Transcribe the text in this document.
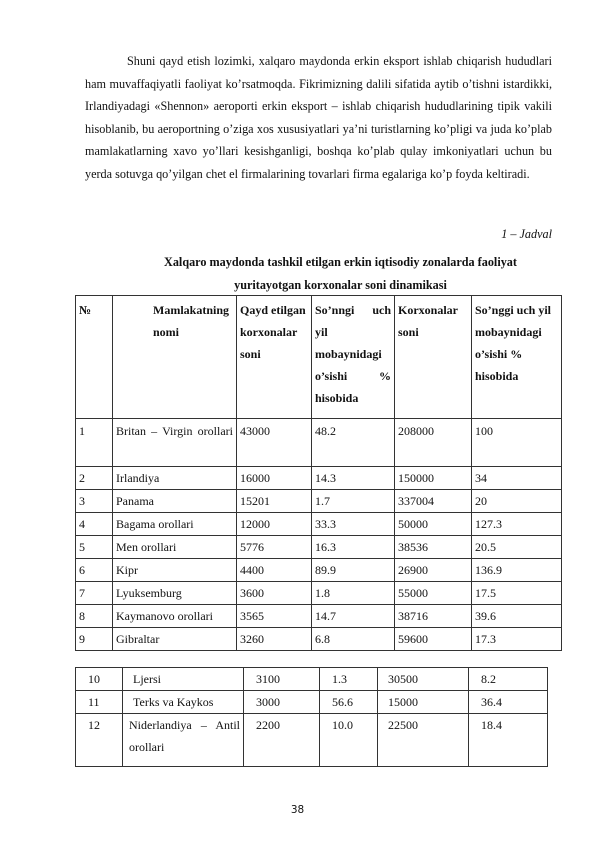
Shuni qayd etish lozimki, xalqaro maydonda erkin eksport ishlab chiqarish hududlari ham muvaffaqiyatli faoliyat ko’rsatmoqda. Fikrimizning dalili sifatida aytib o’tishni istardikki, Irlandiyadagi «Shennon» aeroporti erkin eksport – ishlab chiqarish hududlarining tipik vakili hisoblanib, bu aeroportning o’ziga xos xususiyatlari ya’ni turistlarning ko’pligi va juda ko’plab mamlakatlarning xavo yo’llari kesishganligi, boshqa ko’plab qulay imkoniyatlari uchun bu yerda sotuvga qo’yilgan chet el firmalarining tovarlari firma egalariga ko’p foyda keltiradi.

1 – Jadval
Xalqaro maydonda tashkil etilgan erkin iqtisodiy zonalarda faoliyat
yuritayotgan korxonalar soni dinamikasi
№	Mamlakatning nomi	Qayd etilgan korxonalar soni	So’nngi uch yil mobaynidagi o’sishi % hisobida	Korxonalar soni	So’nggi uch yil mobaynidagi o’sishi % hisobida
1	Britan – Virgin orollari	43000	48.2	208000	100
2	Irlandiya	16000	14.3	150000	34
3	Panama	15201	1.7	337004	20
4	Bagama orollari	12000	33.3	50000	127.3
5	Men orollari	5776	16.3	38536	20.5
6	Kipr	4400	89.9	26900	136.9
7	Lyuksemburg	3600	1.8	55000	17.5
8	Kaymanovo orollari	3565	14.7	38716	39.6
9	Gibraltar	3260	6.8	59600	17.3
10	Ljersi	3100	1.3	30500	8.2
11	Terks va Kaykos	3000	56.6	15000	36.4
12	Niderlandiya – Antil orollari	2200	10.0	22500	18.4
38
